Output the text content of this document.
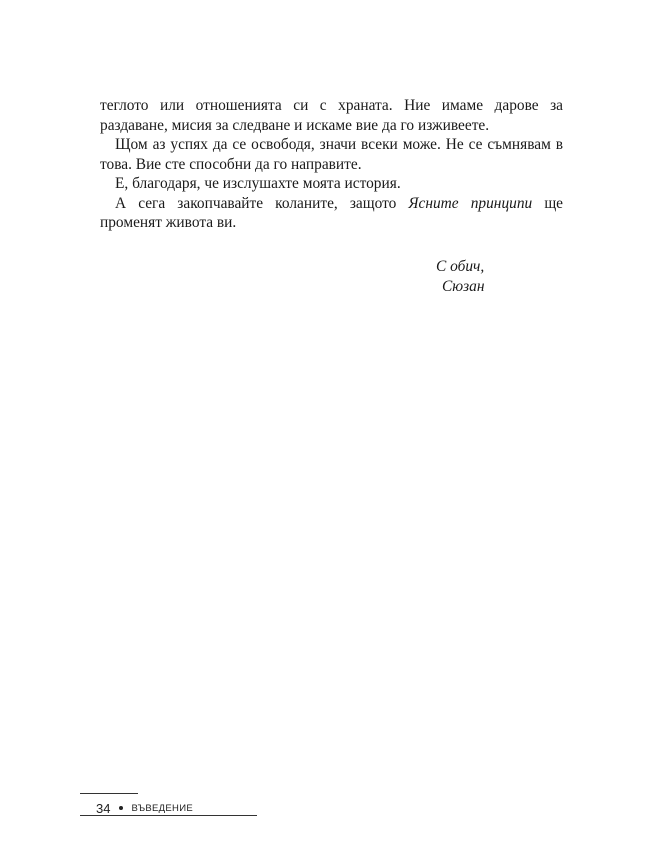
теглото или отношенията си с храната. Ние имаме дарове за раздаване, мисия за следване и искаме вие да го изживеете.

Щом аз успях да се освободя, значи всеки може. Не се съмнявам в това. Вие сте способни да го направите.

Е, благодаря, че изслушахте моята история.

А сега закопчавайте коланите, защото Ясните принципи ще променят живота ви.

С обич,
Сюзан
34 ВЪВЕДЕНИЕ
